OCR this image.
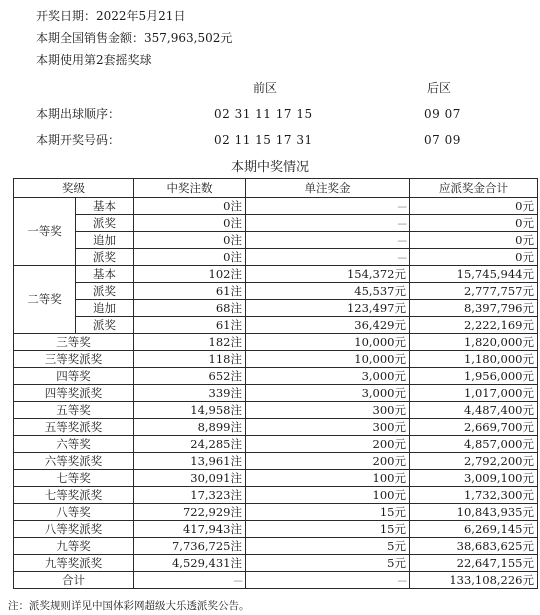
开奖日期：2022年5月21日
本期全国销售金额：357,963,502元
本期使用第2套摇奖球
前区	后区
本期出球顺序：	02 31 11 17 15	09 07
本期开奖号码：	02 11 15 17 31	07 09
本期中奖情况
奖级		中奖注数	单注奖金	应派奖金合计
一等奖	基本	0注	---	0元
	派奖	0注	---	0元
	追加	0注	---	0元
	派奖	0注	---	0元
二等奖	基本	102注	154,372元	15,745,944元
	派奖	61注	45,537元	2,777,757元
	追加	68注	123,497元	8,397,796元
	派奖	61注	36,429元	2,222,169元
三等奖		182注	10,000元	1,820,000元
三等奖派奖		118注	10,000元	1,180,000元
四等奖		652注	3,000元	1,956,000元
四等奖派奖		339注	3,000元	1,017,000元
五等奖		14,958注	300元	4,487,400元
五等奖派奖		8,899注	300元	2,669,700元
六等奖		24,285注	200元	4,857,000元
六等奖派奖		13,961注	200元	2,792,200元
七等奖		30,091注	100元	3,009,100元
七等奖派奖		17,323注	100元	1,732,300元
八等奖		722,929注	15元	10,843,935元
八等奖派奖		417,943注	15元	6,269,145元
九等奖		7,736,725注	5元	38,683,625元
九等奖派奖		4,529,431注	5元	22,647,155元
合计		---	---	133,108,226元
注：派奖规则详见中国体彩网超级大乐透派奖公告。
